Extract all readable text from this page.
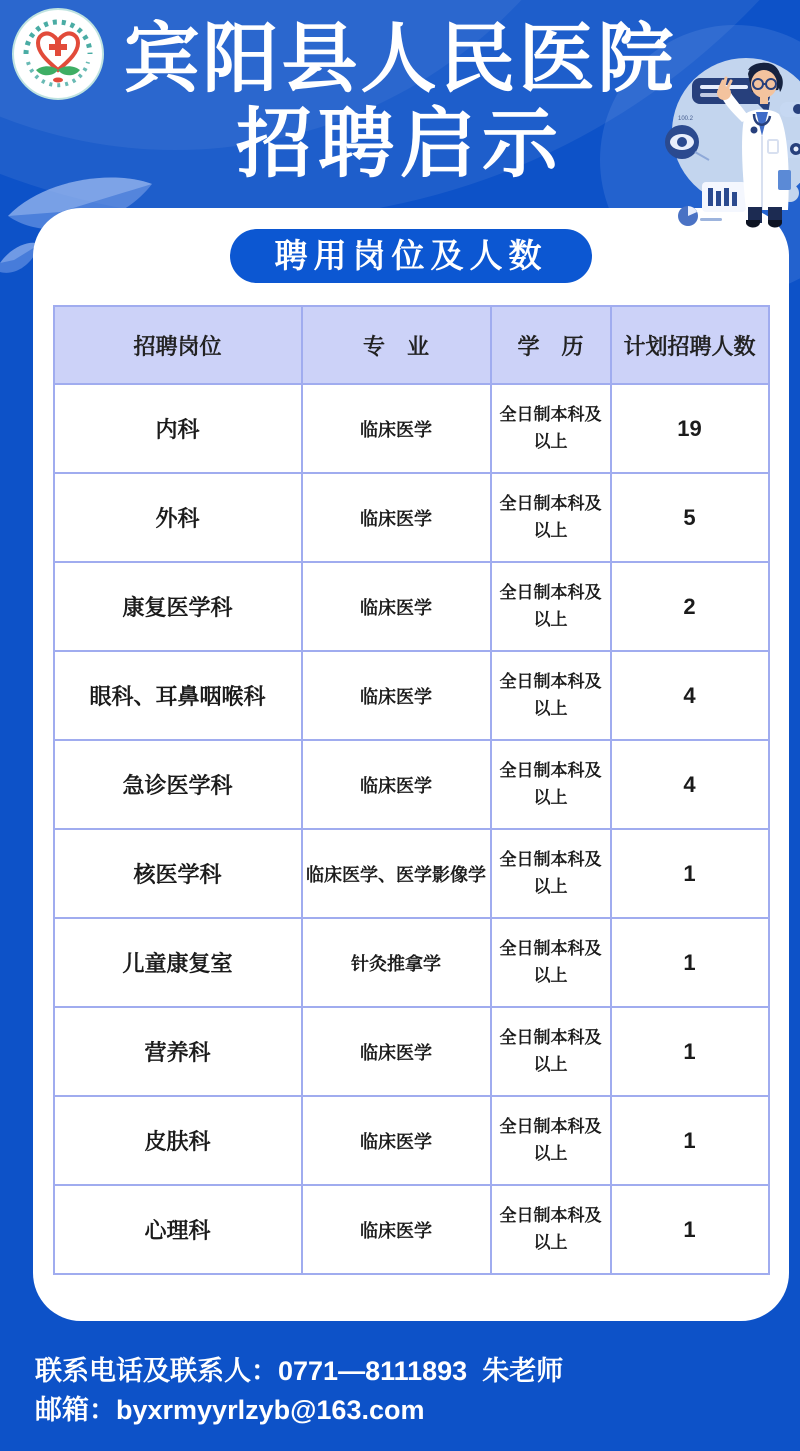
100.2
宾阳县人民医院
招聘启示
聘用岗位及人数
招聘岗位	专　业	学　历	计划招聘人数
内科	临床医学	全日制本科及以上	19
外科	临床医学	全日制本科及以上	5
康复医学科	临床医学	全日制本科及以上	2
眼科、耳鼻咽喉科	临床医学	全日制本科及以上	4
急诊医学科	临床医学	全日制本科及以上	4
核医学科	临床医学、医学影像学	全日制本科及以上	1
儿童康复室	针灸推拿学	全日制本科及以上	1
营养科	临床医学	全日制本科及以上	1
皮肤科	临床医学	全日制本科及以上	1
心理科	临床医学	全日制本科及以上	1
联系电话及联系人：0771—8111893  朱老师
邮箱：byxrmyyrlzyb@163.com
